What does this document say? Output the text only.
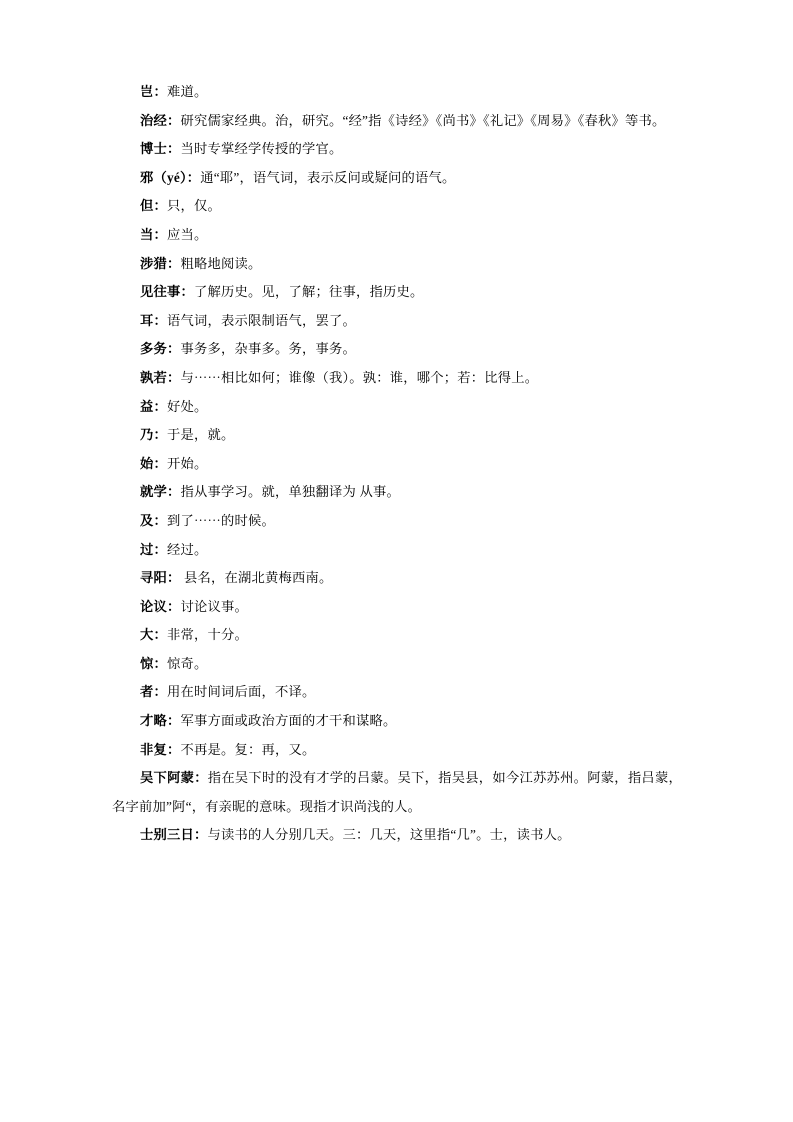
岂：难道。

治经：研究儒家经典。治，研究。“经”指《诗经》《尚书》《礼记》《周易》《春秋》等书。

博士：当时专掌经学传授的学官。

邪（yé）：通“耶”，语气词，表示反问或疑问的语气。

但：只，仅。

当：应当。

涉猎：粗略地阅读。

见往事：了解历史。见，了解；往事，指历史。

耳：语气词，表示限制语气，罢了。

多务：事务多，杂事多。务，事务。

孰若：与⋯⋯相比如何；谁像（我）。孰：谁，哪个；若：比得上。

益：好处。

乃：于是，就。

始：开始。

就学：指从事学习。就，单独翻译为 从事。

及：到了⋯⋯的时候。

过：经过。

寻阳： 县名，在湖北黄梅西南。

论议：讨论议事。

大：非常，十分。

惊：惊奇。

者：用在时间词后面，不译。

才略：军事方面或政治方面的才干和谋略。

非复：不再是。复：再，又。

吴下阿蒙：指在吴下时的没有才学的吕蒙。吴下，指吴县，如今江苏苏州。阿蒙，指吕蒙，名字前加”阿“，有亲昵的意味。现指才识尚浅的人。

士别三日：与读书的人分别几天。三：几天，这里指“几”。士，读书人。
